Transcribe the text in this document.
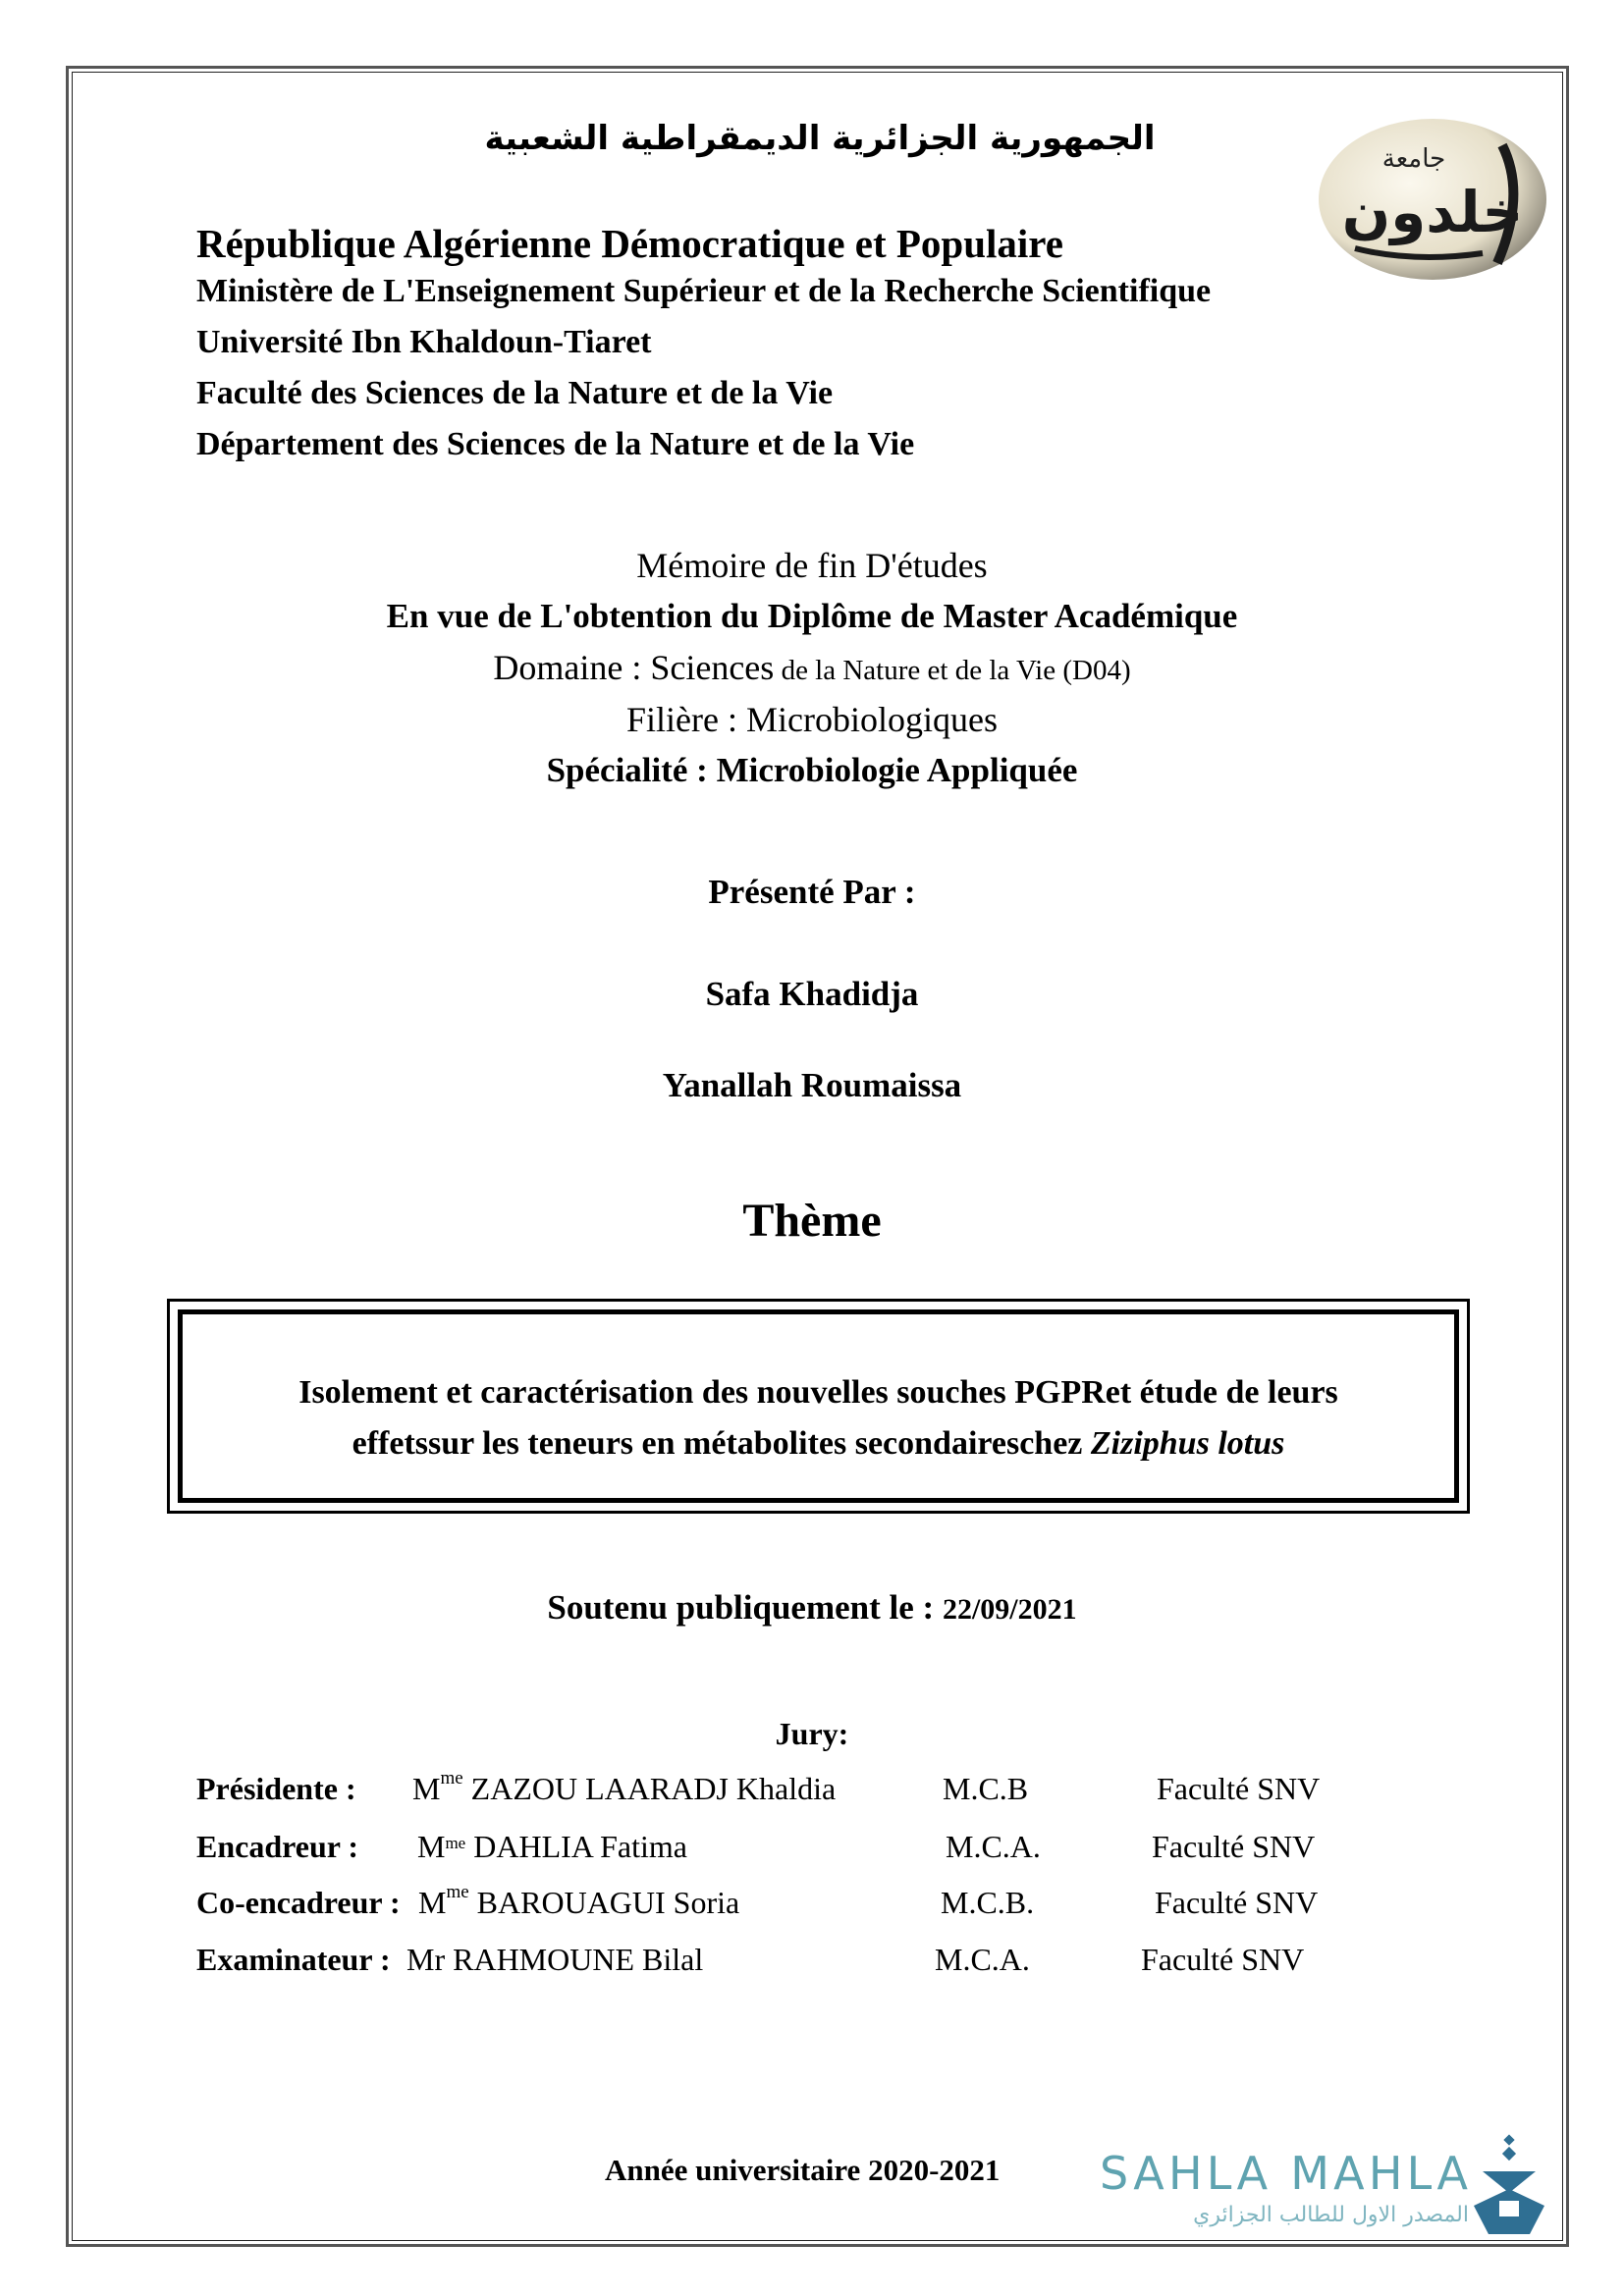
الجمهورية الجزائرية الديمقراطية الشعبية
خلدون
جامعة
République Algérienne Démocratique et Populaire
Ministère de L'Enseignement Supérieur et de la Recherche Scientifique
Université Ibn Khaldoun-Tiaret
Faculté des Sciences de la Nature et de la Vie
Département des Sciences de la Nature et de la Vie
Mémoire de fin D'études
En vue de L'obtention du Diplôme de Master Académique
Domaine : Sciences de la Nature et de la Vie (D04)
Filière : Microbiologiques
Spécialité : Microbiologie Appliquée
Présenté Par :
Safa Khadidja
Yanallah Roumaissa
Thème
Isolement et caractérisation des nouvelles souches PGPRet étude de leurs
effetssur les teneurs en métabolites secondaireschez Ziziphus lotus
Soutenu publiquement le : 22/09/2021
Jury:
Présidente : $M^{me}$ ZAZOU LAARADJ Khaldia	M.C.B	Faculté SNV
Encadreur : $M^{me}$ DAHLIA Fatima	M.C.A.	Faculté SNV
Co-encadreur : $M^{me}$ BAROUAGUI Soria	M.C.B.	Faculté SNV
Examinateur : Mr RAHMOUNE Bilal	M.C.A.	Faculté SNV
Année universitaire 2020-2021 SAHLA MAHLA
المصدر الاول للطالب الجزائري
